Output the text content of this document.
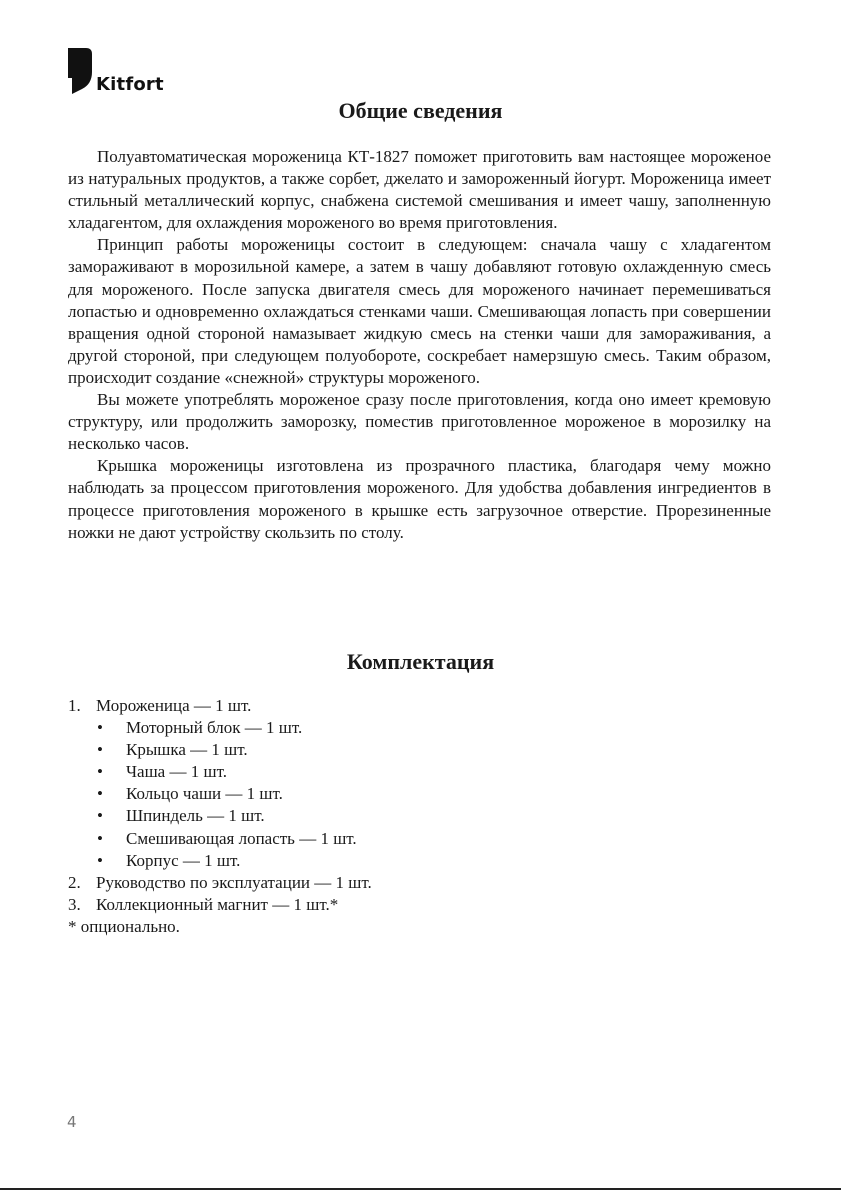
Kitfort
Общие сведения

Полуавтоматическая мороженица КТ-1827 поможет приготовить вам настоящее мороженое из натуральных продуктов, а также сорбет, джелато и замороженный йогурт. Мороженица имеет стильный металлический корпус, снабжена системой смешивания и имеет чашу, заполненную хладагентом, для охлаждения мороженого во время приготовления.

Принцип работы мороженицы состоит в следующем: сначала чашу с хладагентом замораживают в морозильной камере, а затем в чашу добавляют готовую охлажденную смесь для мороженого. После запуска двигателя смесь для мороженого начинает перемешиваться лопастью и одновременно охлаждаться стенками чаши. Смешивающая лопасть при совершении вращения одной стороной намазывает жидкую смесь на стенки чаши для замораживания, а другой стороной, при следующем полуобороте, соскребает намерзшую смесь. Таким образом, происходит создание «снежной» структуры мороженого.

Вы можете употреблять мороженое сразу после приготовления, когда оно имеет кремовую структуру, или продолжить заморозку, поместив приготовленное мороженое в морозилку на несколько часов.

Крышка мороженицы изготовлена из прозрачного пластика, благодаря чему можно наблюдать за процессом приготовления мороженого. Для удобства добавления ингредиентов в процессе приготовления мороженого в крышке есть загрузочное отверстие. Прорезиненные ножки не дают устройству скользить по столу.

Комплектация
1. Мороженица — 1 шт.
• Моторный блок — 1 шт.
• Крышка — 1 шт.
• Чаша — 1 шт.
• Кольцо чаши — 1 шт.
• Шпиндель — 1 шт.
• Смешивающая лопасть — 1 шт.
• Корпус — 1 шт.
2. Руководство по эксплуатации — 1 шт.
3. Коллекционный магнит — 1 шт.*

* опционально.

4
